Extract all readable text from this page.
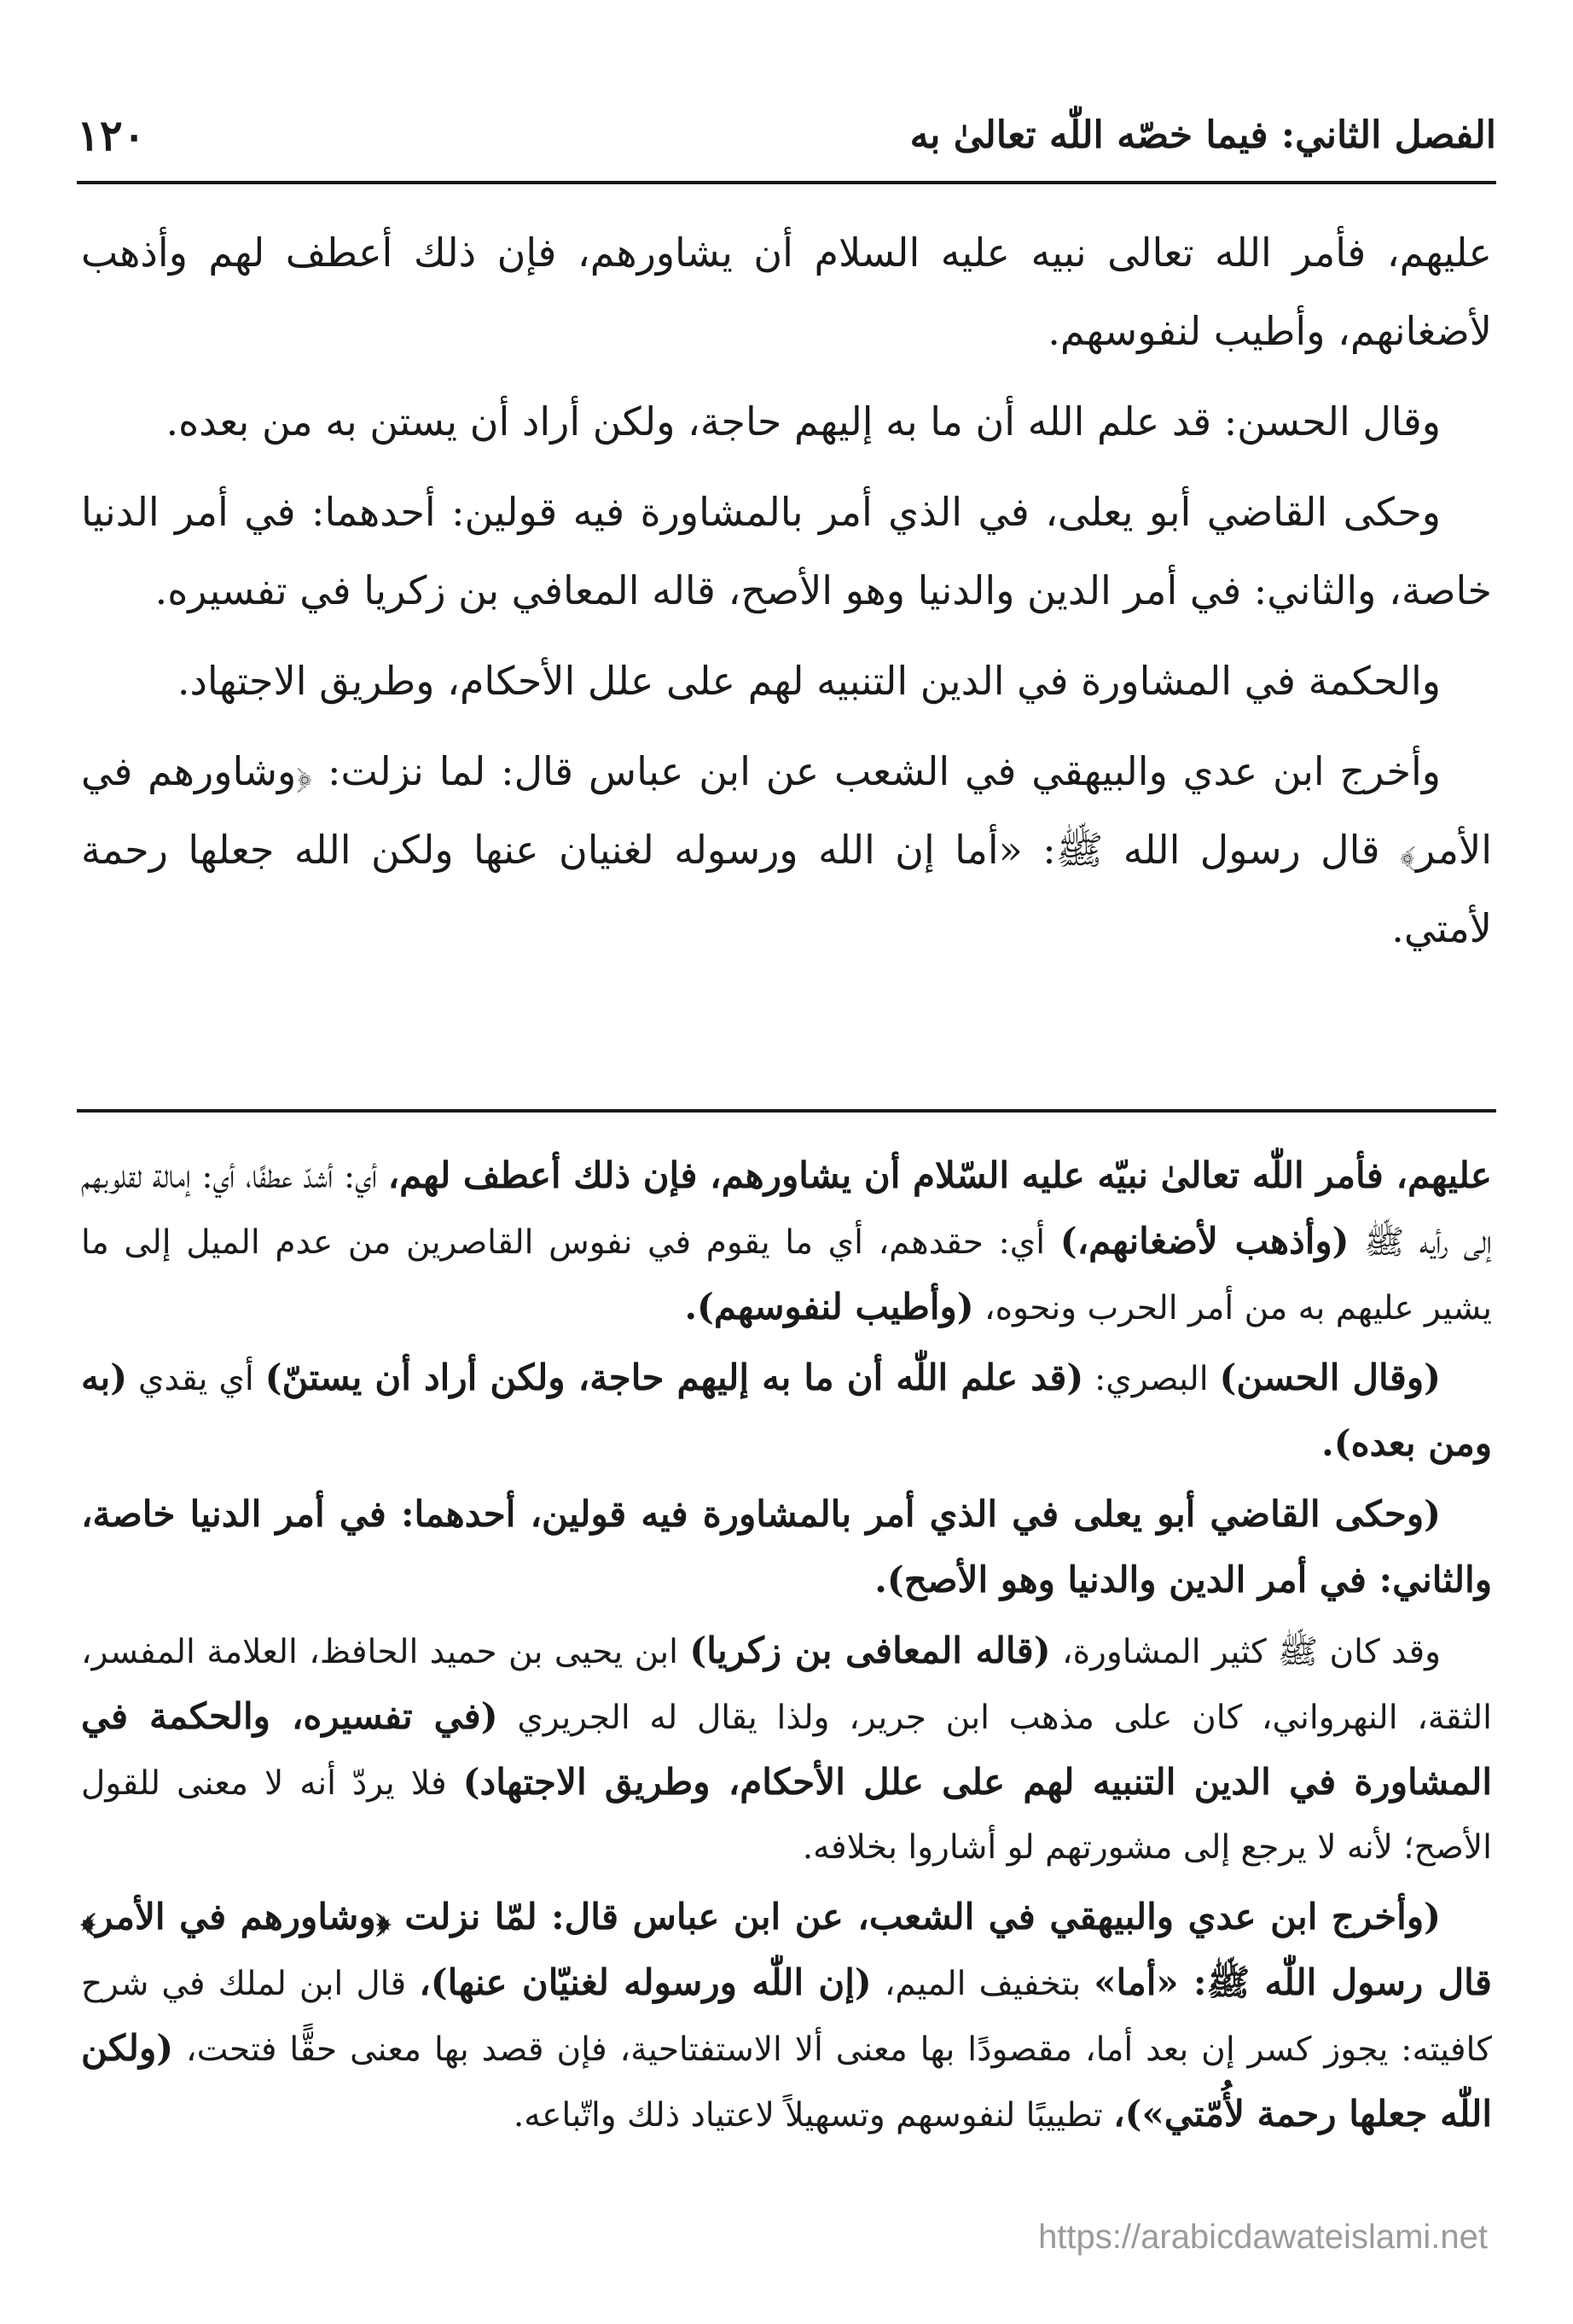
الفصل الثاني: فيما خصّه اللّٰه تعالىٰ به
١٢٠

عليهم، فأمر الله تعالى نبيه عليه السلام أن يشاورهم، فإن ذلك أعطف لهم وأذهب لأضغانهم، وأطيب لنفوسهم.

وقال الحسن: قد علم الله أن ما به إليهم حاجة، ولكن أراد أن يستن به من بعده.

وحكى القاضي أبو يعلى، في الذي أمر بالمشاورة فيه قولين: أحدهما: في أمر الدنيا خاصة، والثاني: في أمر الدين والدنيا وهو الأصح، قاله المعافي بن زكريا في تفسيره.

والحكمة في المشاورة في الدين التنبيه لهم على علل الأحكام، وطريق الاجتهاد.

وأخرج ابن عدي والبيهقي في الشعب عن ابن عباس قال: لما نزلت: ﴿وشاورهم في الأمر﴾ قال رسول الله ﷺ: «أما إن الله ورسوله لغنيان عنها ولكن الله جعلها رحمة لأمتي.

عليهم، فأمر اللّٰه تعالىٰ نبيّه عليه السّلام أن يشاورهم، فإن ذلك أعطف لهم، أي: أشدّ عطفًا، أي: إمالة لقلوبهم إلى رأيه ﷺ (وأذهب لأضغانهم،) أي: حقدهم، أي ما يقوم في نفوس القاصرين من عدم الميل إلى ما يشير عليهم به من أمر الحرب ونحوه، (وأطيب لنفوسهم).

(وقال الحسن) البصري: (قد علم اللّٰه أن ما به إليهم حاجة، ولكن أراد أن يستنّ) أي يقدي (به ومن بعده).

(وحكى القاضي أبو يعلى في الذي أمر بالمشاورة فيه قولين، أحدهما: في أمر الدنيا خاصة، والثاني: في أمر الدين والدنيا وهو الأصح).

وقد كان ﷺ كثير المشاورة، (قاله المعافى بن زكريا) ابن يحيى بن حميد الحافظ، العلامة المفسر، الثقة، النهرواني، كان على مذهب ابن جرير، ولذا يقال له الجريري (في تفسيره، والحكمة في المشاورة في الدين التنبيه لهم على علل الأحكام، وطريق الاجتهاد) فلا يردّ أنه لا معنى للقول الأصح؛ لأنه لا يرجع إلى مشورتهم لو أشاروا بخلافه.

(وأخرج ابن عدي والبيهقي في الشعب، عن ابن عباس قال: لمّا نزلت ﴿وشاورهم في الأمر﴾ قال رسول اللّٰه ﷺ: «أما» بتخفيف الميم، (إن اللّٰه ورسوله لغنيّان عنها)، قال ابن لملك في شرح كافيته: يجوز كسر إن بعد أما، مقصودًا بها معنى ألا الاستفتاحية، فإن قصد بها معنى حقًّا فتحت، (ولكن اللّٰه جعلها رحمة لأُمّتي»)، تطييبًا لنفوسهم وتسهيلاً لاعتياد ذلك واتّباعه.

https://arabicdawateislami.net
